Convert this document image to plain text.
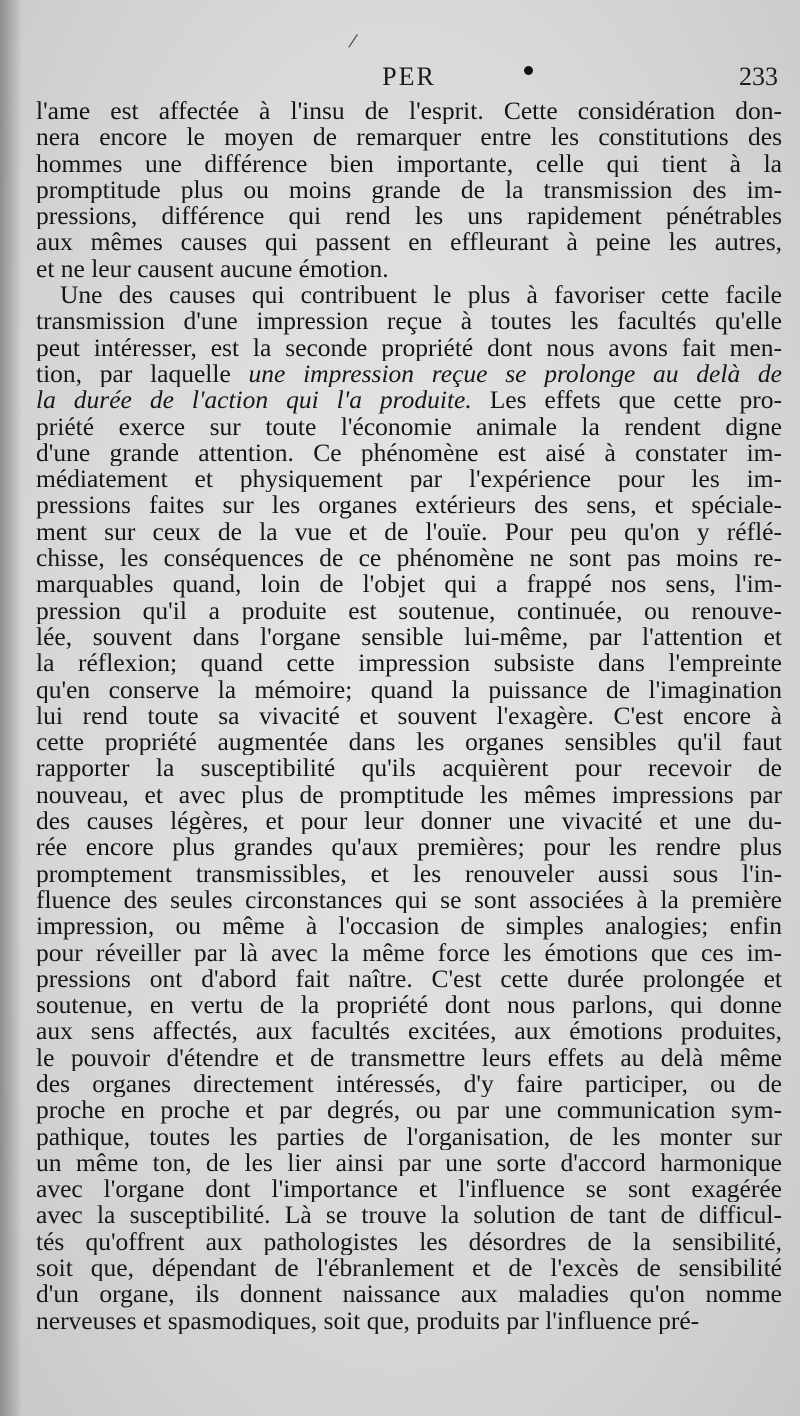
/
PER	233
l'ame est affectée à l'insu de l'esprit. Cette considération don-
nera encore le moyen de remarquer entre les constitutions des
hommes une différence bien importante, celle qui tient à la
promptitude plus ou moins grande de la transmission des im-
pressions, différence qui rend les uns rapidement pénétrables
aux mêmes causes qui passent en effleurant à peine les autres,
et ne leur causent aucune émotion.
Une des causes qui contribuent le plus à favoriser cette facile
transmission d'une impression reçue à toutes les facultés qu'elle
peut intéresser, est la seconde propriété dont nous avons fait men-
tion, par laquelle une impression reçue se prolonge au delà de
la durée de l'action qui l'a produite. Les effets que cette pro-
priété exerce sur toute l'économie animale la rendent digne
d'une grande attention. Ce phénomène est aisé à constater im-
médiatement et physiquement par l'expérience pour les im-
pressions faites sur les organes extérieurs des sens, et spéciale-
ment sur ceux de la vue et de l'ouïe. Pour peu qu'on y réflé-
chisse, les conséquences de ce phénomène ne sont pas moins re-
marquables quand, loin de l'objet qui a frappé nos sens, l'im-
pression qu'il a produite est soutenue, continuée, ou renouve-
lée, souvent dans l'organe sensible lui-même, par l'attention et
la réflexion; quand cette impression subsiste dans l'empreinte
qu'en conserve la mémoire; quand la puissance de l'imagination
lui rend toute sa vivacité et souvent l'exagère. C'est encore à
cette propriété augmentée dans les organes sensibles qu'il faut
rapporter la susceptibilité qu'ils acquièrent pour recevoir de
nouveau, et avec plus de promptitude les mêmes impressions par
des causes légères, et pour leur donner une vivacité et une du-
rée encore plus grandes qu'aux premières; pour les rendre plus
promptement transmissibles, et les renouveler aussi sous l'in-
fluence des seules circonstances qui se sont associées à la première
impression, ou même à l'occasion de simples analogies; enfin
pour réveiller par là avec la même force les émotions que ces im-
pressions ont d'abord fait naître. C'est cette durée prolongée et
soutenue, en vertu de la propriété dont nous parlons, qui donne
aux sens affectés, aux facultés excitées, aux émotions produites,
le pouvoir d'étendre et de transmettre leurs effets au delà même
des organes directement intéressés, d'y faire participer, ou de
proche en proche et par degrés, ou par une communication sym-
pathique, toutes les parties de l'organisation, de les monter sur
un même ton, de les lier ainsi par une sorte d'accord harmonique
avec l'organe dont l'importance et l'influence se sont exagérée
avec la susceptibilité. Là se trouve la solution de tant de difficul-
tés qu'offrent aux pathologistes les désordres de la sensibilité,
soit que, dépendant de l'ébranlement et de l'excès de sensibilité
d'un organe, ils donnent naissance aux maladies qu'on nomme
nerveuses et spasmodiques, soit que, produits par l'influence pré-
